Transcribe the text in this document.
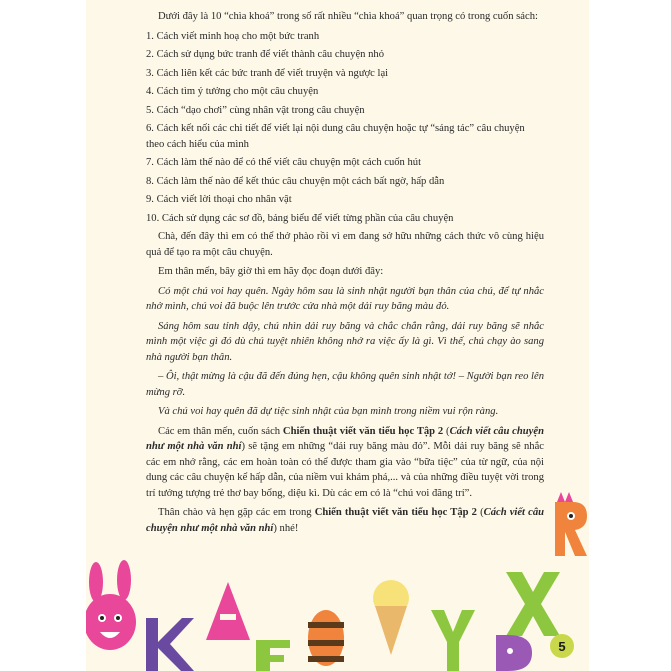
Dưới đây là 10 “chìa khoá” trong số rất nhiều “chìa khoá” quan trọng có trong cuốn sách:

1. Cách viết minh hoạ cho một bức tranh
2. Cách sử dụng bức tranh để viết thành câu chuyện nhỏ
3. Cách liên kết các bức tranh để viết truyện và ngược lại
4. Cách tìm ý tưởng cho một câu chuyện
5. Cách “dạo chơi” cùng nhân vật trong câu chuyện
6. Cách kết nối các chi tiết để viết lại nội dung câu chuyện hoặc tự “sáng tác” câu chuyện theo cách hiểu của mình
7. Cách làm thế nào để có thể viết câu chuyện một cách cuốn hút
8. Cách làm thế nào để kết thúc câu chuyện một cách bất ngờ, hấp dẫn
9. Cách viết lời thoại cho nhân vật
10. Cách sử dụng các sơ đồ, bảng biểu để viết từng phần của câu chuyện

Chà, đến đây thì em có thể thở phào rồi vì em đang sở hữu những cách thức vô cùng hiệu quả để tạo ra một câu chuyện.

Em thân mến, bây giờ thì em hãy đọc đoạn dưới đây:

Có một chú voi hay quên. Ngày hôm sau là sinh nhật người bạn thân của chú, để tự nhắc nhở mình, chú voi đã buộc lên trước cửa nhà một dải ruy băng màu đỏ.

Sáng hôm sau tỉnh dậy, chú nhìn dải ruy băng và chắc chắn rằng, dải ruy băng sẽ nhắc mình một việc gì đó dù chú tuyệt nhiên không nhớ ra việc ấy là gì. Vì thế, chú chạy ào sang nhà người bạn thân.

– Ôi, thật mừng là cậu đã đến đúng hẹn, cậu không quên sinh nhật tớ! – Người bạn reo lên mừng rỡ.

Và chú voi hay quên đã dự tiệc sinh nhật của bạn mình trong niềm vui rộn ràng.

Các em thân mến, cuốn sách Chiến thuật viết văn tiểu học Tập 2 (Cách viết câu chuyện như một nhà văn nhí) sẽ tặng em những “dải ruy băng màu đỏ”. Mỗi dải ruy băng sẽ nhắc các em nhớ rằng, các em hoàn toàn có thể được tham gia vào “bữa tiệc” của từ ngữ, của nội dung các câu chuyện kể hấp dẫn, của niềm vui khám phá,... và của những điều tuyệt vời trong trí tưởng tượng trẻ thơ bay bổng, diệu kì. Dù các em có là “chú voi đãng trí”.

Thân chào và hẹn gặp các em trong Chiến thuật viết văn tiểu học Tập 2 (Cách viết câu chuyện như một nhà văn nhí) nhé!

5
